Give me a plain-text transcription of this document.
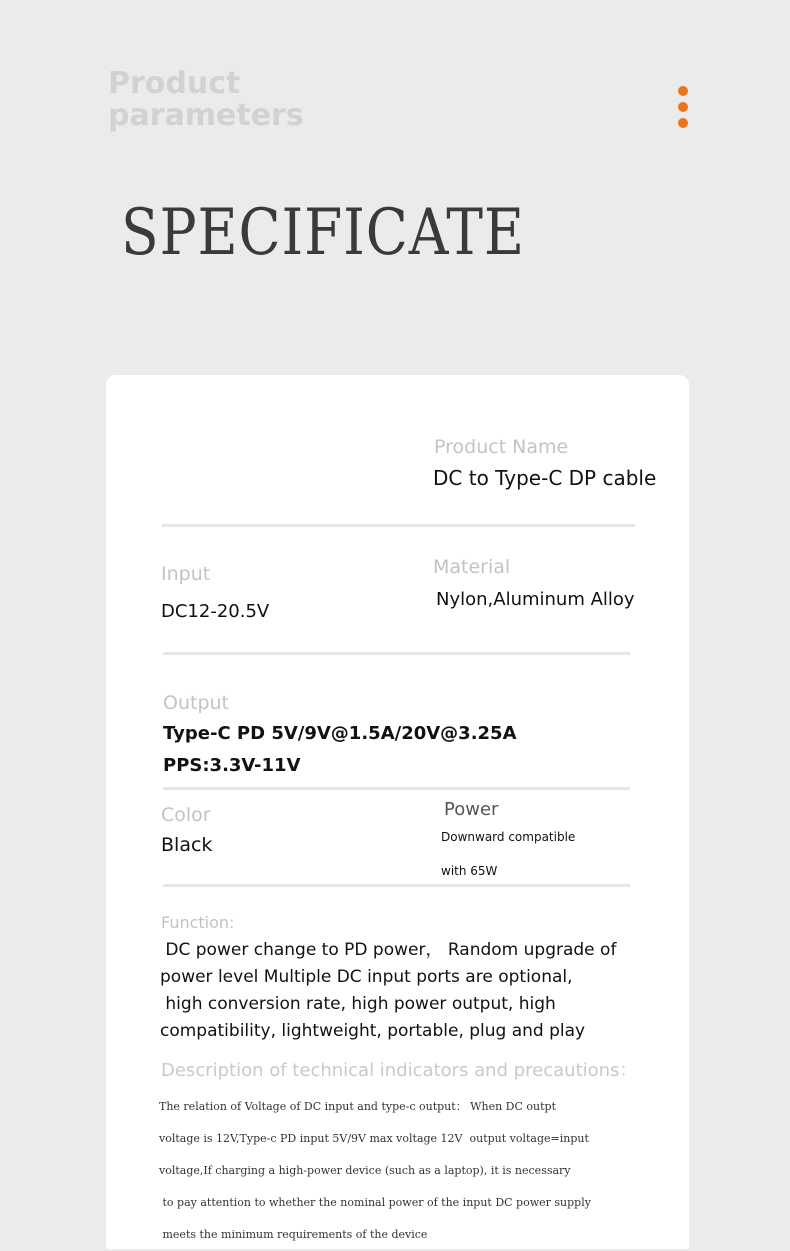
Product
parameters
SPECIFICATE
Product Name
DC to Type-C DP cable
Input
DC12-20.5V
Material
Nylon,Aluminum Alloy
Output
Type-C PD 5V/9V@1.5A/20V@3.25A
PPS:3.3V-11V
Color
Black
Power
Downward compatible
with 65W
Function:
DC power change to PD power， Random upgrade of
power level Multiple DC input ports are optional,
high conversion rate, high power output, high
compatibility, lightweight, portable, plug and play
Description of technical indicators and precautions：
The relation of Voltage of DC input and type-c output： When DC outpt
voltage is 12V,Type-c PD input 5V/9V max voltage 12V  output voltage=input
voltage,If charging a high-power device (such as a laptop), it is necessary
to pay attention to whether the nominal power of the input DC power supply
meets the minimum requirements of the device
